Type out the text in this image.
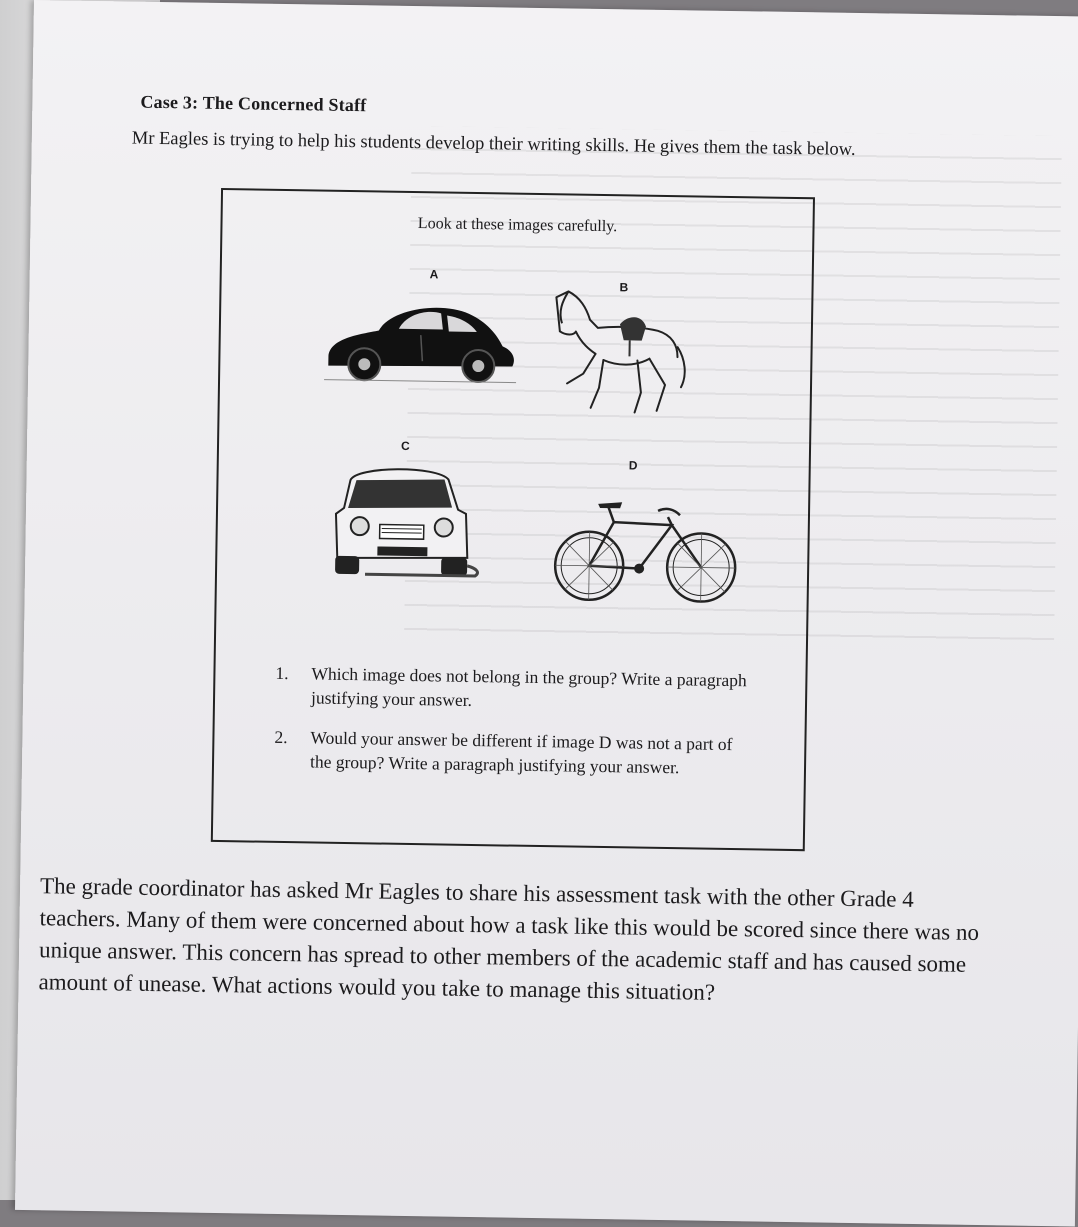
Case 3: The Concerned Staff

Mr Eagles is trying to help his students develop their writing skills. He gives them the task below.

Look at these images carefully.
A
B
C
D
1. Which image does not belong in the group? Write a paragraph justifying your answer.
2. Would your answer be different if image D was not a part of the group? Write a paragraph justifying your answer.

The grade coordinator has asked Mr Eagles to share his assessment task with the other Grade 4 teachers. Many of them were concerned about how a task like this would be scored since there was no unique answer. This concern has spread to other members of the academic staff and has caused some amount of unease. What actions would you take to manage this situation?
